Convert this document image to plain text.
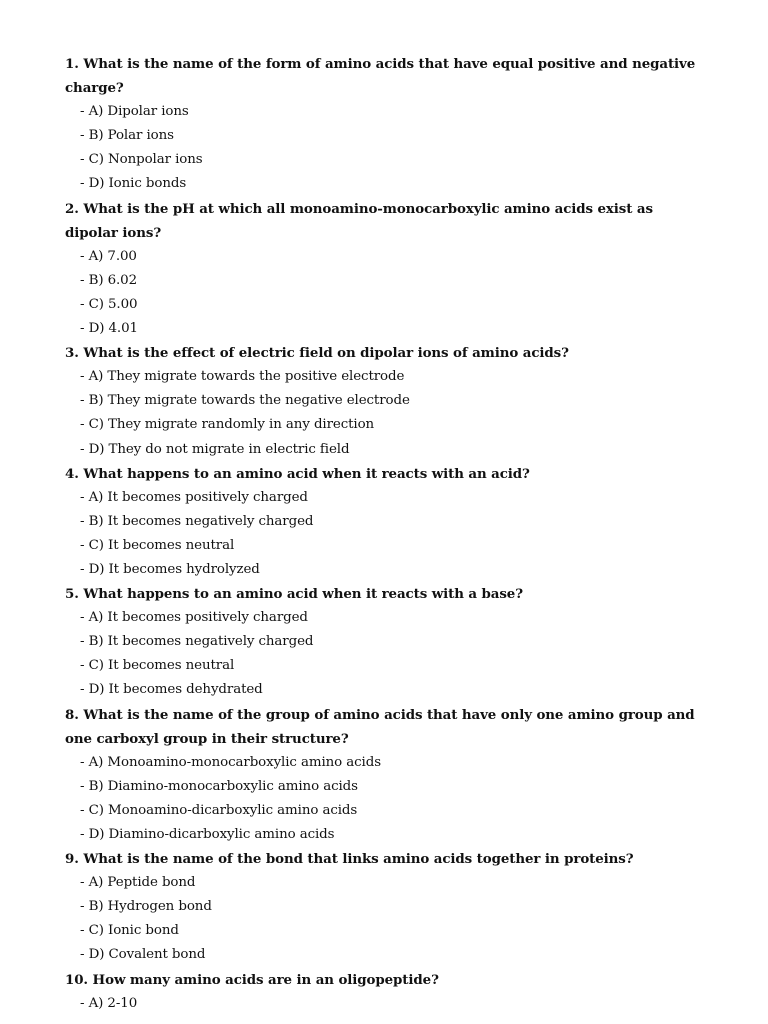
1. What is the name of the form of amino acids that have equal positive and negative charge?

- A) Dipolar ions

- B) Polar ions

- C) Nonpolar ions

- D) Ionic bonds

2. What is the pH at which all monoamino-monocarboxylic amino acids exist as dipolar ions?

- A) 7.00

- B) 6.02

- C) 5.00

- D) 4.01

3. What is the effect of electric field on dipolar ions of amino acids?

- A) They migrate towards the positive electrode

- B) They migrate towards the negative electrode

- C) They migrate randomly in any direction

- D) They do not migrate in electric field

4. What happens to an amino acid when it reacts with an acid?

- A) It becomes positively charged

- B) It becomes negatively charged

- C) It becomes neutral

- D) It becomes hydrolyzed

5. What happens to an amino acid when it reacts with a base?

- A) It becomes positively charged

- B) It becomes negatively charged

- C) It becomes neutral

- D) It becomes dehydrated

8. What is the name of the group of amino acids that have only one amino group and one carboxyl group in their structure?

- A) Monoamino-monocarboxylic amino acids

- B) Diamino-monocarboxylic amino acids

- C) Monoamino-dicarboxylic amino acids

- D) Diamino-dicarboxylic amino acids

9. What is the name of the bond that links amino acids together in proteins?

- A) Peptide bond

- B) Hydrogen bond

- C) Ionic bond

- D) Covalent bond

10. How many amino acids are in an oligopeptide?

- A) 2-10
